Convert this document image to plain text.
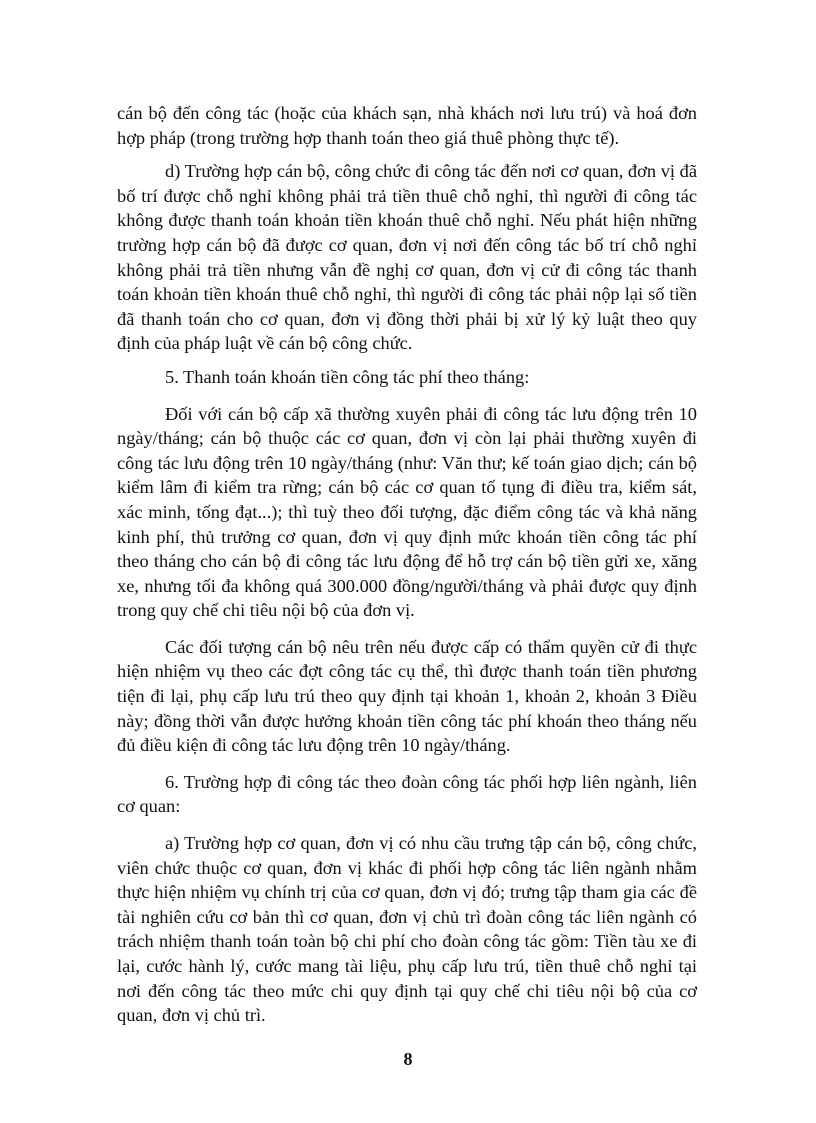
cán bộ đến công tác (hoặc của khách sạn, nhà khách nơi lưu trú) và hoá đơn hợp pháp (trong trường hợp thanh toán theo giá thuê phòng thực tế).

d) Trường hợp cán bộ, công chức đi công tác đến nơi cơ quan, đơn vị đã bố trí được chỗ nghỉ không phải trả tiền thuê chỗ nghỉ, thì người đi công tác không được thanh toán khoản tiền khoán thuê chỗ nghỉ. Nếu phát hiện những trường hợp cán bộ đã được cơ quan, đơn vị nơi đến công tác bố trí chỗ nghỉ không phải trả tiền nhưng vẫn đề nghị cơ quan, đơn vị cử đi công tác thanh toán khoản tiền khoán thuê chỗ nghỉ, thì người đi công tác phải nộp lại số tiền đã thanh toán cho cơ quan, đơn vị đồng thời phải bị xử lý kỷ luật theo quy định của pháp luật về cán bộ công chức.

5. Thanh toán khoán tiền công tác phí theo tháng:

Đối với cán bộ cấp xã thường xuyên phải đi công tác lưu động trên 10 ngày/tháng; cán bộ thuộc các cơ quan, đơn vị còn lại phải thường xuyên đi công tác lưu động trên 10 ngày/tháng (như: Văn thư; kế toán giao dịch; cán bộ kiểm lâm đi kiểm tra rừng; cán bộ các cơ quan tố tụng đi điều tra, kiểm sát, xác minh, tống đạt...); thì tuỳ theo đối tượng, đặc điểm công tác và khả năng kinh phí, thủ trưởng cơ quan, đơn vị quy định mức khoán tiền công tác phí theo tháng cho cán bộ đi công tác lưu động để hỗ trợ cán bộ tiền gửi xe, xăng xe, nhưng tối đa không quá 300.000 đồng/người/tháng và phải được quy định trong quy chế chi tiêu nội bộ của đơn vị.

Các đối tượng cán bộ nêu trên nếu được cấp có thẩm quyền cử đi thực hiện nhiệm vụ theo các đợt công tác cụ thể, thì được thanh toán tiền phương tiện đi lại, phụ cấp lưu trú theo quy định tại khoản 1, khoản 2, khoản 3 Điều này; đồng thời vẫn được hưởng khoản tiền công tác phí khoán theo tháng nếu đủ điều kiện đi công tác lưu động trên 10 ngày/tháng.

6. Trường hợp đi công tác theo đoàn công tác phối hợp liên ngành, liên cơ quan:

a) Trường hợp cơ quan, đơn vị có nhu cầu trưng tập cán bộ, công chức, viên chức thuộc cơ quan, đơn vị khác đi phối hợp công tác liên ngành nhằm thực hiện nhiệm vụ chính trị của cơ quan, đơn vị đó; trưng tập tham gia các đề tài nghiên cứu cơ bản thì cơ quan, đơn vị chủ trì đoàn công tác liên ngành có trách nhiệm thanh toán toàn bộ chi phí cho đoàn công tác gồm: Tiền tàu xe đi lại, cước hành lý, cước mang tài liệu, phụ cấp lưu trú, tiền thuê chỗ nghỉ tại nơi đến công tác theo mức chi quy định tại quy chế chi tiêu nội bộ của cơ quan, đơn vị chủ trì.

8
